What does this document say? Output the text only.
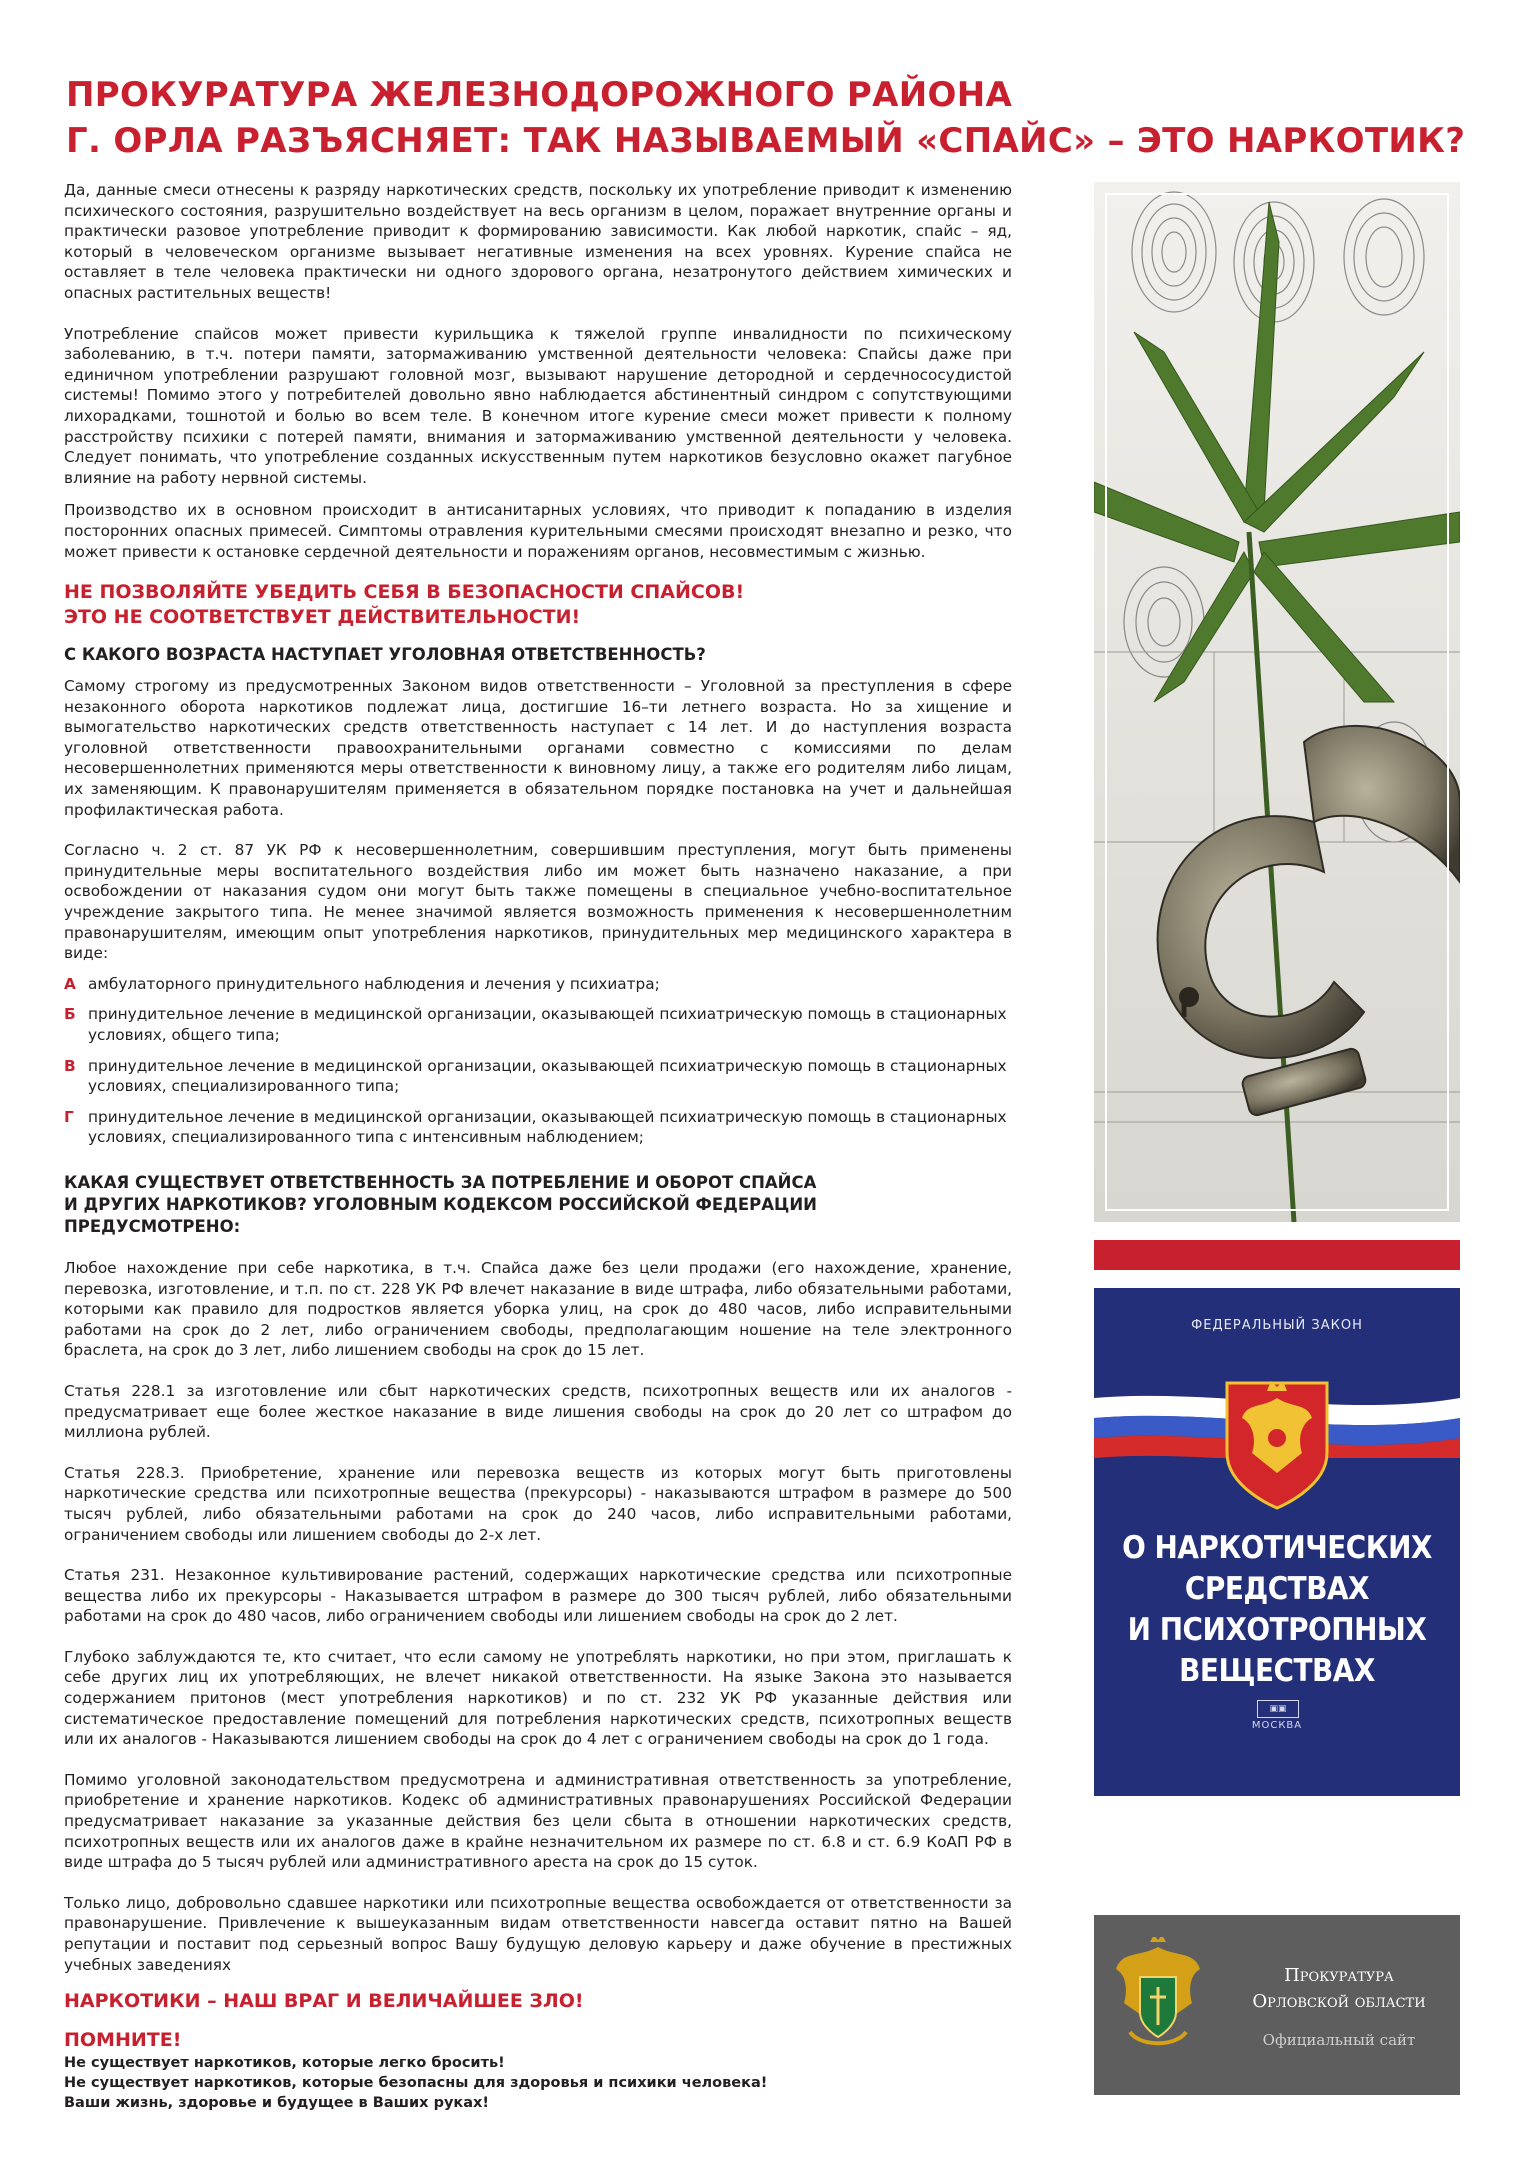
ПРОКУРАТУРА ЖЕЛЕЗНОДОРОЖНОГО РАЙОНА
Г. ОРЛА РАЗЪЯСНЯЕТ: ТАК НАЗЫВАЕМЫЙ «СПАЙС» – ЭТО НАРКОТИК?

Да, данные смеси отнесены к разряду наркотических средств, поскольку их употребление приводит к изменению психического состояния, разрушительно воздействует на весь организм в целом, поражает внутренние органы и практически разовое употребление приводит к формированию зависимости. Как любой наркотик, спайс – яд, который в человеческом организме вызывает негативные изменения на всех уровнях. Курение спайса не оставляет в теле человека практически ни одного здорового органа, незатронутого действием химических и опасных растительных веществ!

Употребление спайсов может привести курильщика к тяжелой группе инвалидности по психическому заболеванию, в т.ч. потери памяти, затормаживанию умственной деятельности человека: Спайсы даже при единичном употреблении разрушают головной мозг, вызывают нарушение детородной и сердечнососудистой системы! Помимо этого у потребителей довольно явно наблюдается абстинентный синдром с сопутствующими лихорадками, тошнотой и болью во всем теле. В конечном итоге курение смеси может привести к полному расстройству психики с потерей памяти, внимания и затормаживанию умственной деятельности у человека. Следует понимать, что употребление созданных искусственным путем наркотиков безусловно окажет пагубное влияние на работу нервной системы.

Производство их в основном происходит в антисанитарных условиях, что приводит к попаданию в изделия посторонних опасных примесей. Симптомы отравления курительными смесями происходят внезапно и резко, что может привести к остановке сердечной деятельности и поражениям органов, несовместимым с жизнью.

НЕ ПОЗВОЛЯЙТЕ УБЕДИТЬ СЕБЯ В БЕЗОПАСНОСТИ СПАЙСОВ!
ЭТО НЕ СООТВЕТСТВУЕТ ДЕЙСТВИТЕЛЬНОСТИ!

С КАКОГО ВОЗРАСТА НАСТУПАЕТ УГОЛОВНАЯ ОТВЕТСТВЕННОСТЬ?

Самому строгому из предусмотренных Законом видов ответственности – Уголовной за преступления в сфере незаконного оборота наркотиков подлежат лица, достигшие 16–ти летнего возраста. Но за хищение и вымогательство наркотических средств ответственность наступает с 14 лет. И до наступления возраста уголовной ответственности правоохранительными органами совместно с комиссиями по делам несовершеннолетних применяются меры ответственности к виновному лицу, а также его родителям либо лицам, их заменяющим. К правонарушителям применяется в обязательном порядке постановка на учет и дальнейшая профилактическая работа.

Согласно ч. 2 ст. 87 УК РФ к несовершеннолетним, совершившим преступления, могут быть применены принудительные меры воспитательного воздействия либо им может быть назначено наказание, а при освобождении от наказания судом они могут быть также помещены в специальное учебно-воспитательное учреждение закрытого типа. Не менее значимой является возможность применения к несовершеннолетним правонарушителям, имеющим опыт употребления наркотиков, принудительных мер медицинского характера в виде:

А амбулаторного принудительного наблюдения и лечения у психиатра;
Б принудительное лечение в медицинской организации, оказывающей психиатрическую помощь в стационарных условиях, общего типа;
В принудительное лечение в медицинской организации, оказывающей психиатрическую помощь в стационарных условиях, специализированного типа;
Г принудительное лечение в медицинской организации, оказывающей психиатрическую помощь в стационарных условиях, специализированного типа с интенсивным наблюдением;
КАКАЯ СУЩЕСТВУЕТ ОТВЕТСТВЕННОСТЬ ЗА ПОТРЕБЛЕНИЕ И ОБОРОТ СПАЙСА
И ДРУГИХ НАРКОТИКОВ? УГОЛОВНЫМ КОДЕКСОМ РОССИЙСКОЙ ФЕДЕРАЦИИ
ПРЕДУСМОТРЕНО:

Любое нахождение при себе наркотика, в т.ч. Спайса даже без цели продажи (его нахождение, хранение, перевозка, изготовление, и т.п. по ст. 228 УК РФ влечет наказание в виде штрафа, либо обязательными работами, которыми как правило для подростков является уборка улиц, на срок до 480 часов, либо исправительными работами на срок до 2 лет, либо ограничением свободы, предполагающим ношение на теле электронного браслета, на срок до 3 лет, либо лишением свободы на срок до 15 лет.

Статья 228.1 за изготовление или сбыт наркотических средств, психотропных веществ или их аналогов - предусматривает еще более жесткое наказание в виде лишения свободы на срок до 20 лет со штрафом до миллиона рублей.

Статья 228.3. Приобретение, хранение или перевозка веществ из которых могут быть приготовлены наркотические средства или психотропные вещества (прекурсоры) - наказываются штрафом в размере до 500 тысяч рублей, либо обязательными работами на срок до 240 часов, либо исправительными работами, ограничением свободы или лишением свободы до 2-х лет.

Статья 231. Незаконное культивирование растений, содержащих наркотические средства или психотропные вещества либо их прекурсоры - Наказывается штрафом в размере до 300 тысяч рублей, либо обязательными работами на срок до 480 часов, либо ограничением свободы или лишением свободы на срок до 2 лет.

Глубоко заблуждаются те, кто считает, что если самому не употреблять наркотики, но при этом, приглашать к себе других лиц их употребляющих, не влечет никакой ответственности. На языке Закона это называется содержанием притонов (мест употребления наркотиков) и по ст. 232 УК РФ указанные действия или систематическое предоставление помещений для потребления наркотических средств, психотропных веществ или их аналогов - Наказываются лишением свободы на срок до 4 лет с ограничением свободы на срок до 1 года.

Помимо уголовной законодательством предусмотрена и административная ответственность за употребление, приобретение и хранение наркотиков. Кодекс об административных правонарушениях Российской Федерации предусматривает наказание за указанные действия без цели сбыта в отношении наркотических средств, психотропных веществ или их аналогов даже в крайне незначительном их размере по ст. 6.8 и ст. 6.9 КоАП РФ в виде штрафа до 5 тысяч рублей или административного ареста на срок до 15 суток.

Только лицо, добровольно сдавшее наркотики или психотропные вещества освобождается от ответственности за правонарушение. Привлечение к вышеуказанным видам ответственности навсегда оставит пятно на Вашей репутации и поставит под серьезный вопрос Вашу будущую деловую карьеру и даже обучение в престижных учебных заведениях

НАРКОТИКИ – НАШ ВРАГ И ВЕЛИЧАЙШЕЕ ЗЛО!

ПОМНИТЕ!

Не существует наркотиков, которые легко бросить!

Не существует наркотиков, которые безопасны для здоровья и психики человека!

Ваши жизнь, здоровье и будущее в Ваших руках!

ФЕДЕРАЛЬНЫЙ ЗАКОН
О НАРКОТИЧЕСКИХ
СРЕДСТВАХ
И ПСИХОТРОПНЫХ
ВЕЩЕСТВАХ
▣▣
МОСКВА
Прокуратура
Орловской области
Официальный сайт
